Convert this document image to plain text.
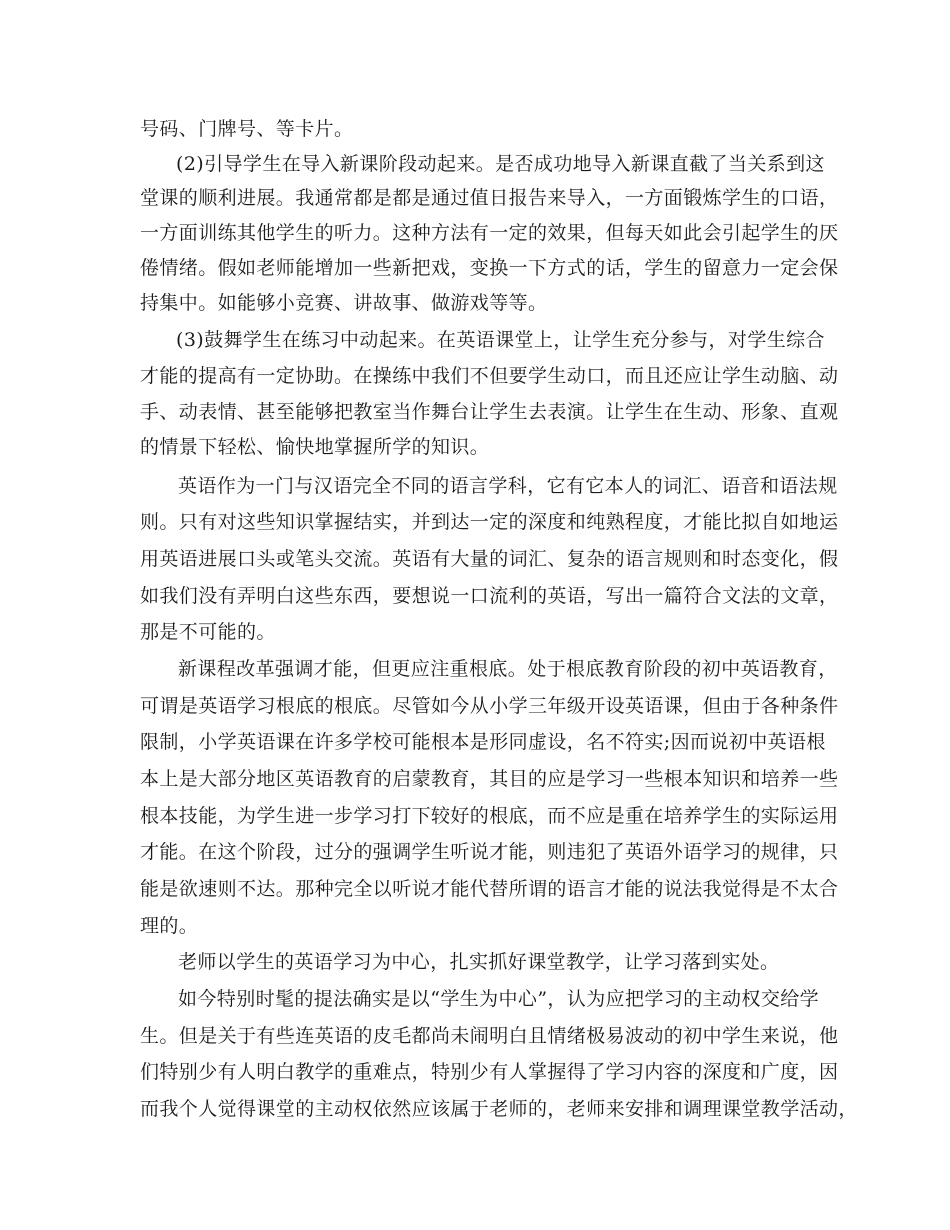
号码、门牌号、等卡片。
(2)引导学生在导入新课阶段动起来。是否成功地导入新课直截了当关系到这
堂课的顺利进展。我通常都是都是通过值日报告来导入，一方面锻炼学生的口语，
一方面训练其他学生的听力。这种方法有一定的效果，但每天如此会引起学生的厌
倦情绪。假如老师能增加一些新把戏，变换一下方式的话，学生的留意力一定会保
持集中。如能够小竞赛、讲故事、做游戏等等。
(3)鼓舞学生在练习中动起来。在英语课堂上，让学生充分参与，对学生综合
才能的提高有一定协助。在操练中我们不但要学生动口，而且还应让学生动脑、动
手、动表情、甚至能够把教室当作舞台让学生去表演。让学生在生动、形象、直观
的情景下轻松、愉快地掌握所学的知识。
英语作为一门与汉语完全不同的语言学科，它有它本人的词汇、语音和语法规
则。只有对这些知识掌握结实，并到达一定的深度和纯熟程度，才能比拟自如地运
用英语进展口头或笔头交流。英语有大量的词汇、复杂的语言规则和时态变化，假
如我们没有弄明白这些东西，要想说一口流利的英语，写出一篇符合文法的文章，
那是不可能的。
新课程改革强调才能，但更应注重根底。处于根底教育阶段的初中英语教育，
可谓是英语学习根底的根底。尽管如今从小学三年级开设英语课，但由于各种条件
限制，小学英语课在许多学校可能根本是形同虚设，名不符实;因而说初中英语根
本上是大部分地区英语教育的启蒙教育，其目的应是学习一些根本知识和培养一些
根本技能，为学生进一步学习打下较好的根底，而不应是重在培养学生的实际运用
才能。在这个阶段，过分的强调学生听说才能，则违犯了英语外语学习的规律，只
能是欲速则不达。那种完全以听说才能代替所谓的语言才能的说法我觉得是不太合
理的。
老师以学生的英语学习为中心，扎实抓好课堂教学，让学习落到实处。
如今特别时髦的提法确实是以“学生为中心”，认为应把学习的主动权交给学
生。但是关于有些连英语的皮毛都尚未闹明白且情绪极易波动的初中学生来说，他
们特别少有人明白教学的重难点，特别少有人掌握得了学习内容的深度和广度，因
而我个人觉得课堂的主动权依然应该属于老师的，老师来安排和调理课堂教学活动，
